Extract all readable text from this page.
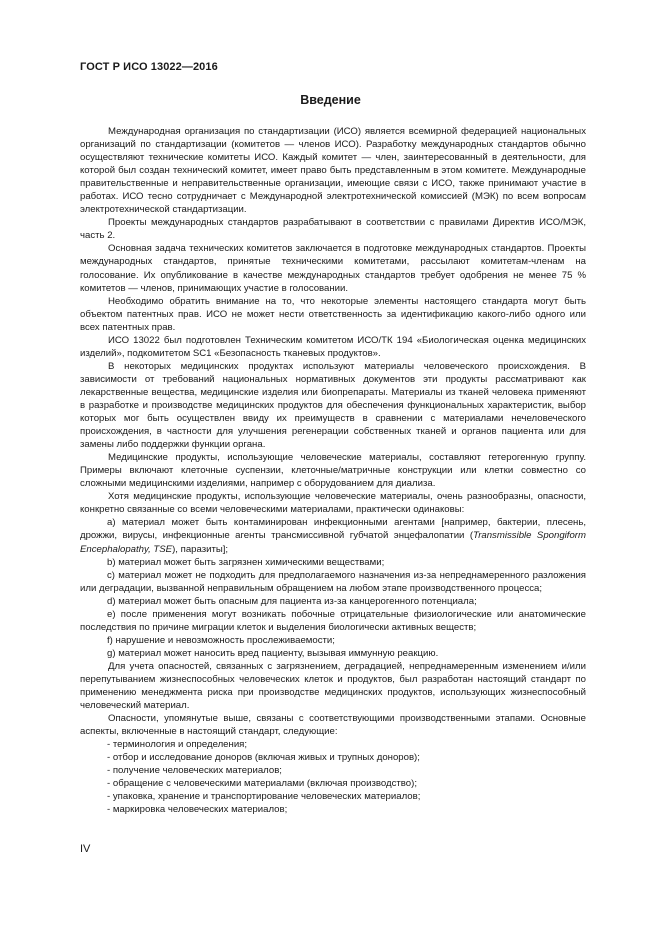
ГОСТ Р ИСО 13022—2016
Введение

Международная организация по стандартизации (ИСО) является всемирной федерацией национальных организаций по стандартизации (комитетов — членов ИСО). Разработку международных стандартов обычно осуществляют технические комитеты ИСО. Каждый комитет — член, заинтересованный в деятельности, для которой был создан технический комитет, имеет право быть представленным в этом комитете. Международные правительственные и неправительственные организации, имеющие связи с ИСО, также принимают участие в работах. ИСО тесно сотрудничает с Международной электротехнической комиссией (МЭК) по всем вопросам электротехнической стандартизации.

Проекты международных стандартов разрабатывают в соответствии с правилами Директив ИСО/МЭК, часть 2.

Основная задача технических комитетов заключается в подготовке международных стандартов. Проекты международных стандартов, принятые техническими комитетами, рассылают комитетам-членам на голосование. Их опубликование в качестве международных стандартов требует одобрения не менее 75 % комитетов — членов, принимающих участие в голосовании.

Необходимо обратить внимание на то, что некоторые элементы настоящего стандарта могут быть объектом патентных прав. ИСО не может нести ответственность за идентификацию какого-либо одного или всех патентных прав.

ИСО 13022 был подготовлен Техническим комитетом ИСО/ТК 194 «Биологическая оценка медицинских изделий», подкомитетом SC1 «Безопасность тканевых продуктов».

В некоторых медицинских продуктах используют материалы человеческого происхождения. В зависимости от требований национальных нормативных документов эти продукты рассматривают как лекарственные вещества, медицинские изделия или биопрепараты. Материалы из тканей человека применяют в разработке и производстве медицинских продуктов для обеспечения функциональных характеристик, выбор которых мог быть осуществлен ввиду их преимуществ в сравнении с материалами нечеловеческого происхождения, в частности для улучшения регенерации собственных тканей и органов пациента или для замены либо поддержки функции органа.

Медицинские продукты, использующие человеческие материалы, составляют гетерогенную группу. Примеры включают клеточные суспензии, клеточные/матричные конструкции или клетки совместно со сложными медицинскими изделиями, например с оборудованием для диализа.

Хотя медицинские продукты, использующие человеческие материалы, очень разнообразны, опасности, конкретно связанные со всеми человеческими материалами, практически одинаковы:

а) материал может быть контаминирован инфекционными агентами [например, бактерии, плесень, дрожжи, вирусы, инфекционные агенты трансмиссивной губчатой энцефалопатии (Transmissible Spongiform Encephalopathy, TSE), паразиты];

b) материал может быть загрязнен химическими веществами;

c) материал может не подходить для предполагаемого назначения из-за непреднамеренного разложения или деградации, вызванной неправильным обращением на любом этапе производственного процесса;

d) материал может быть опасным для пациента из-за канцерогенного потенциала;

e) после применения могут возникать побочные отрицательные физиологические или анатомические последствия по причине миграции клеток и выделения биологически активных веществ;

f) нарушение и невозможность прослеживаемости;

g) материал может наносить вред пациенту, вызывая иммунную реакцию.

Для учета опасностей, связанных с загрязнением, деградацией, непреднамеренным изменением и/или перепутыванием жизнеспособных человеческих клеток и продуктов, был разработан настоящий стандарт по применению менеджмента риска при производстве медицинских продуктов, использующих жизнеспособный человеческий материал.

Опасности, упомянутые выше, связаны с соответствующими производственными этапами. Основные аспекты, включенные в настоящий стандарт, следующие:

- терминология и определения;

- отбор и исследование доноров (включая живых и трупных доноров);

- получение человеческих материалов;

- обращение с человеческими материалами (включая производство);

- упаковка, хранение и транспортирование человеческих материалов;

- маркировка человеческих материалов;

IV
